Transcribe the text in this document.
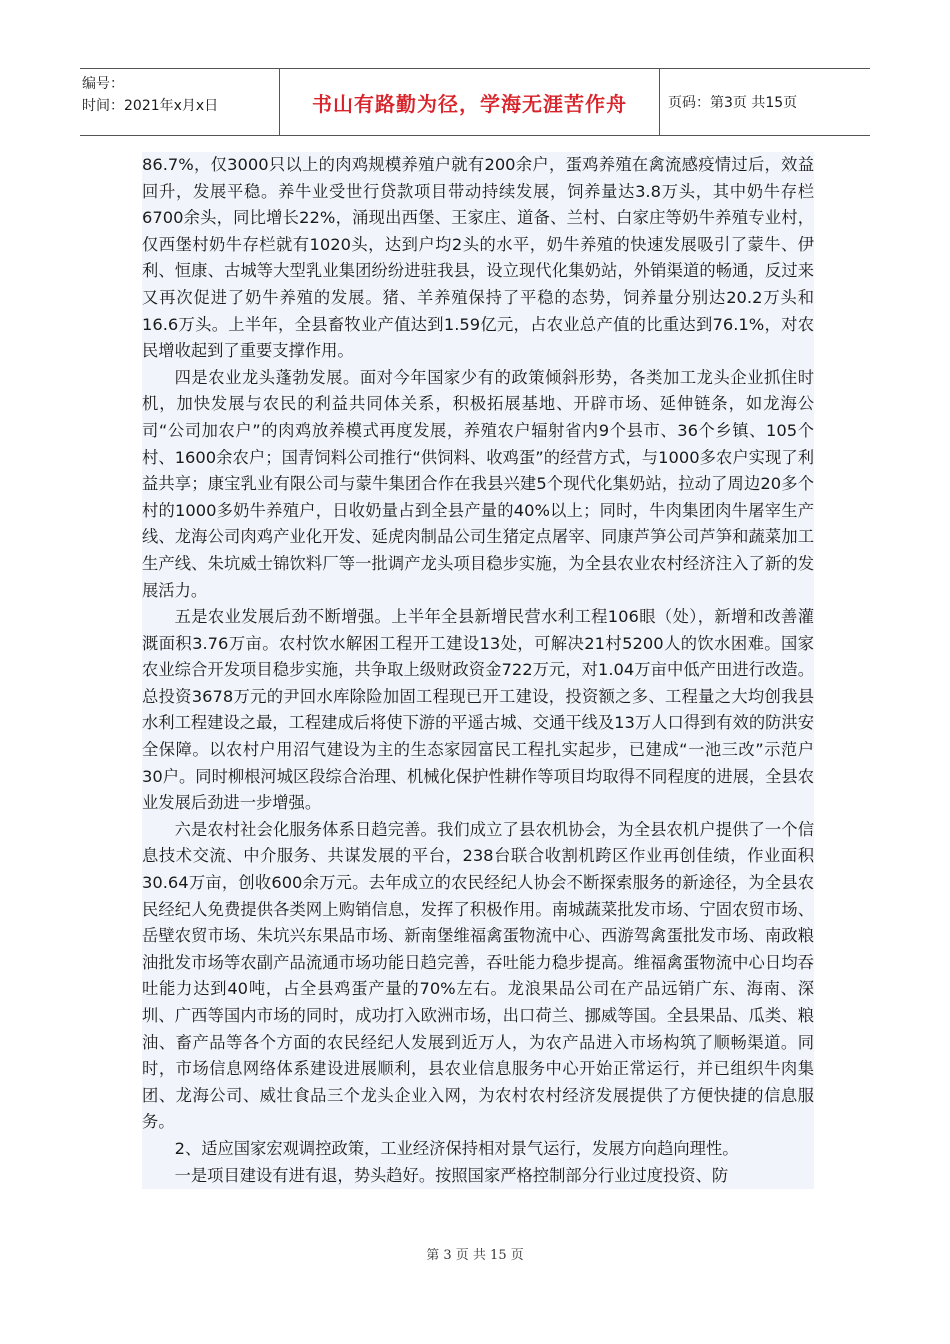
编号：
时间：2021年x月x日	书山有路勤为径，学海无涯苦作舟	页码：第3页 共15页

86.7%，仅3000只以上的肉鸡规模养殖户就有200余户，蛋鸡养殖在禽流感疫情过后，效益回升，发展平稳。养牛业受世行贷款项目带动持续发展，饲养量达3.8万头，其中奶牛存栏6700余头，同比增长22%，涌现出西堡、王家庄、道备、兰村、白家庄等奶牛养殖专业村，仅西堡村奶牛存栏就有1020头，达到户均2头的水平，奶牛养殖的快速发展吸引了蒙牛、伊利、恒康、古城等大型乳业集团纷纷进驻我县，设立现代化集奶站，外销渠道的畅通，反过来又再次促进了奶牛养殖的发展。猪、羊养殖保持了平稳的态势，饲养量分别达20.2万头和16.6万头。上半年，全县畜牧业产值达到1.59亿元，占农业总产值的比重达到76.1%，对农民增收起到了重要支撑作用。

四是农业龙头蓬勃发展。面对今年国家少有的政策倾斜形势，各类加工龙头企业抓住时机，加快发展与农民的利益共同体关系，积极拓展基地、开辟市场、延伸链条，如龙海公司“公司加农户”的肉鸡放养模式再度发展，养殖农户辐射省内9个县市、36个乡镇、105个村、1600余农户；国青饲料公司推行“供饲料、收鸡蛋”的经营方式，与1000多农户实现了利益共享；康宝乳业有限公司与蒙牛集团合作在我县兴建5个现代化集奶站，拉动了周边20多个村的1000多奶牛养殖户，日收奶量占到全县产量的40%以上；同时，牛肉集团肉牛屠宰生产线、龙海公司肉鸡产业化开发、延虎肉制品公司生猪定点屠宰、同康芦笋公司芦笋和蔬菜加工生产线、朱坑威士锦饮料厂等一批调产龙头项目稳步实施，为全县农业农村经济注入了新的发展活力。

五是农业发展后劲不断增强。上半年全县新增民营水利工程106眼（处），新增和改善灌溉面积3.76万亩。农村饮水解困工程开工建设13处，可解决21村5200人的饮水困难。国家农业综合开发项目稳步实施，共争取上级财政资金722万元，对1.04万亩中低产田进行改造。总投资3678万元的尹回水库除险加固工程现已开工建设，投资额之多、工程量之大均创我县水利工程建设之最，工程建成后将使下游的平遥古城、交通干线及13万人口得到有效的防洪安全保障。以农村户用沼气建设为主的生态家园富民工程扎实起步，已建成“一池三改”示范户30户。同时柳根河城区段综合治理、机械化保护性耕作等项目均取得不同程度的进展，全县农业发展后劲进一步增强。

六是农村社会化服务体系日趋完善。我们成立了县农机协会，为全县农机户提供了一个信息技术交流、中介服务、共谋发展的平台，238台联合收割机跨区作业再创佳绩，作业面积30.64万亩，创收600余万元。去年成立的农民经纪人协会不断探索服务的新途径，为全县农民经纪人免费提供各类网上购销信息，发挥了积极作用。南城蔬菜批发市场、宁固农贸市场、岳壁农贸市场、朱坑兴东果品市场、新南堡维福禽蛋物流中心、西游驾禽蛋批发市场、南政粮油批发市场等农副产品流通市场功能日趋完善，吞吐能力稳步提高。维福禽蛋物流中心日均吞吐能力达到40吨，占全县鸡蛋产量的70%左右。龙浪果品公司在产品远销广东、海南、深圳、广西等国内市场的同时，成功打入欧洲市场，出口荷兰、挪威等国。全县果品、瓜类、粮油、畜产品等各个方面的农民经纪人发展到近万人，为农产品进入市场构筑了顺畅渠道。同时，市场信息网络体系建设进展顺利，县农业信息服务中心开始正常运行，并已组织牛肉集团、龙海公司、威壮食品三个龙头企业入网，为农村农村经济发展提供了方便快捷的信息服务。

2、适应国家宏观调控政策，工业经济保持相对景气运行，发展方向趋向理性。

一是项目建设有进有退，势头趋好。按照国家严格控制部分行业过度投资、防

第 3 页 共 15 页
